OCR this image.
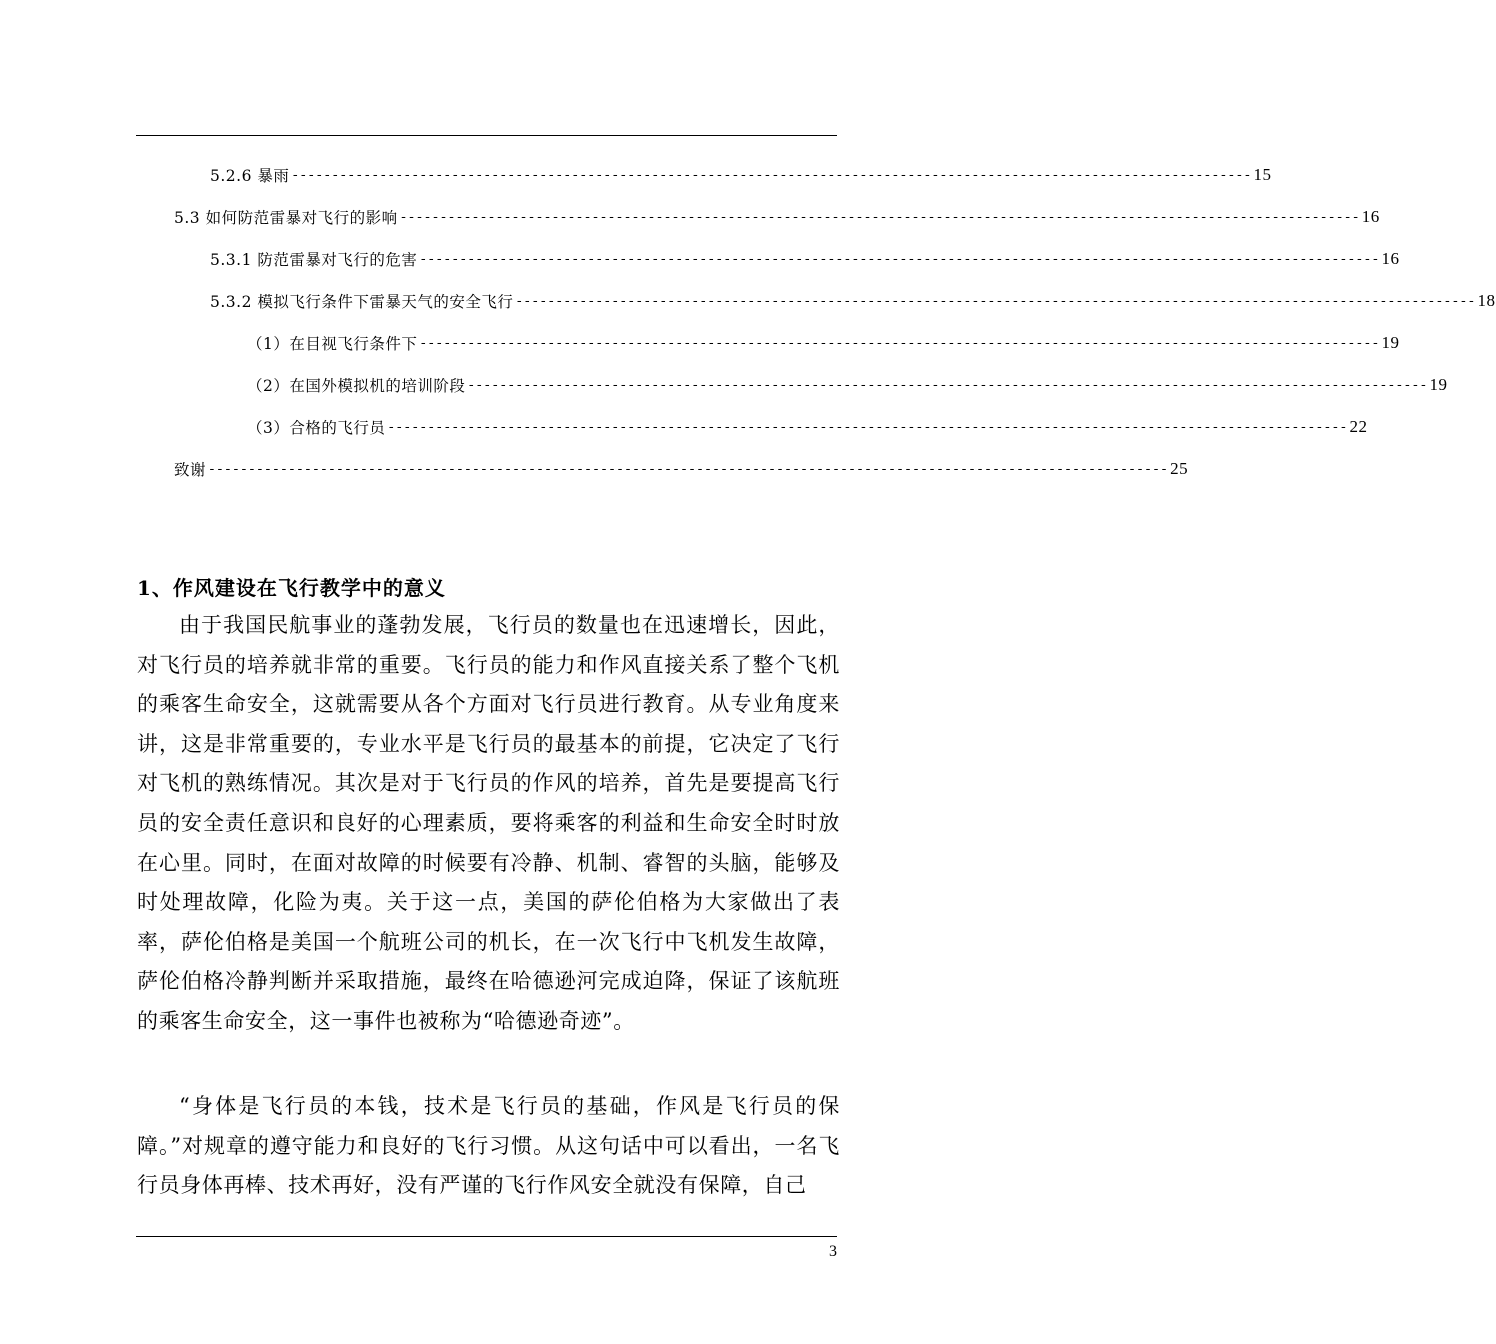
5.2.6 暴雨 ------------------------------------------------------------------------------------------------------------------------ 15
5.3 如何防范雷暴对飞行的影响 ------------------------------------------------------------------------------------------------------------------------ 16
5.3.1 防范雷暴对飞行的危害 ------------------------------------------------------------------------------------------------------------------------ 16
5.3.2 模拟飞行条件下雷暴天气的安全飞行 ------------------------------------------------------------------------------------------------------------------------ 18
（1）在目视飞行条件下 ------------------------------------------------------------------------------------------------------------------------ 19
（2）在国外模拟机的培训阶段 ------------------------------------------------------------------------------------------------------------------------ 19
（3）合格的飞行员 ------------------------------------------------------------------------------------------------------------------------ 22
致谢 ------------------------------------------------------------------------------------------------------------------------ 25
1、作风建设在飞行教学中的意义

由于我国民航事业的蓬勃发展，飞行员的数量也在迅速增长，因此，对飞行员的培养就非常的重要。飞行员的能力和作风直接关系了整个飞机的乘客生命安全，这就需要从各个方面对飞行员进行教育。从专业角度来讲，这是非常重要的，专业水平是飞行员的最基本的前提，它决定了飞行对飞机的熟练情况。其次是对于飞行员的作风的培养，首先是要提高飞行员的安全责任意识和良好的心理素质，要将乘客的利益和生命安全时时放在心里。同时，在面对故障的时候要有冷静、机制、睿智的头脑，能够及时处理故障，化险为夷。关于这一点，美国的萨伦伯格为大家做出了表率，萨伦伯格是美国一个航班公司的机长，在一次飞行中飞机发生故障，萨伦伯格冷静判断并采取措施，最终在哈德逊河完成迫降，保证了该航班的乘客生命安全，这一事件也被称为“哈德逊奇迹”。

“身体是飞行员的本钱，技术是飞行员的基础，作风是飞行员的保障。”对规章的遵守能力和良好的飞行习惯。从这句话中可以看出，一名飞行员身体再棒、技术再好，没有严谨的飞行作风安全就没有保障，自己

3
